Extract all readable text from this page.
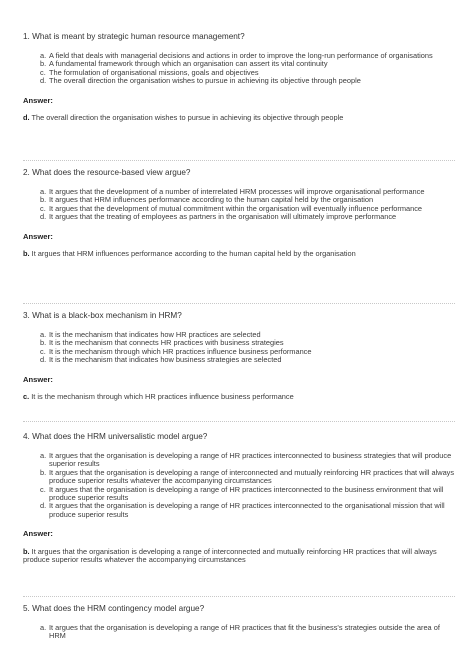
1. What is meant by strategic human resource management?
a. A field that deals with managerial decisions and actions in order to improve the long-run performance of organisations
b. A fundamental framework through which an organisation can assert its vital continuity
c. The formulation of organisational missions, goals and objectives
d. The overall direction the organisation wishes to pursue in achieving its objective through people
Answer:
d. The overall direction the organisation wishes to pursue in achieving its objective through people
2. What does the resource-based view argue?
a. It argues that the development of a number of interrelated HRM processes will improve organisational performance
b. It argues that HRM influences performance according to the human capital held by the organisation
c. It argues that the development of mutual commitment within the organisation will eventually influence performance
d. It argues that the treating of employees as partners in the organisation will ultimately improve performance
Answer:
b. It argues that HRM influences performance according to the human capital held by the organisation
3. What is a black-box mechanism in HRM?
a. It is the mechanism that indicates how HR practices are selected
b. It is the mechanism that connects HR practices with business strategies
c. It is the mechanism through which HR practices influence business performance
d. It is the mechanism that indicates how business strategies are selected
Answer:
c. It is the mechanism through which HR practices influence business performance
4. What does the HRM universalistic model argue?
a. It argues that the organisation is developing a range of HR practices interconnected to business strategies that will produce superior results
b. It argues that the organisation is developing a range of interconnected and mutually reinforcing HR practices that will always produce superior results whatever the accompanying circumstances
c. It argues that the organisation is developing a range of HR practices interconnected to the business environment that will produce superior results
d. It argues that the organisation is developing a range of HR practices interconnected to the organisational mission that will produce superior results
Answer:
b. It argues that the organisation is developing a range of interconnected and mutually reinforcing HR practices that will always produce superior results whatever the accompanying circumstances
5. What does the HRM contingency model argue?
a. It argues that the organisation is developing a range of HR practices that fit the business's strategies outside the area of HRM
